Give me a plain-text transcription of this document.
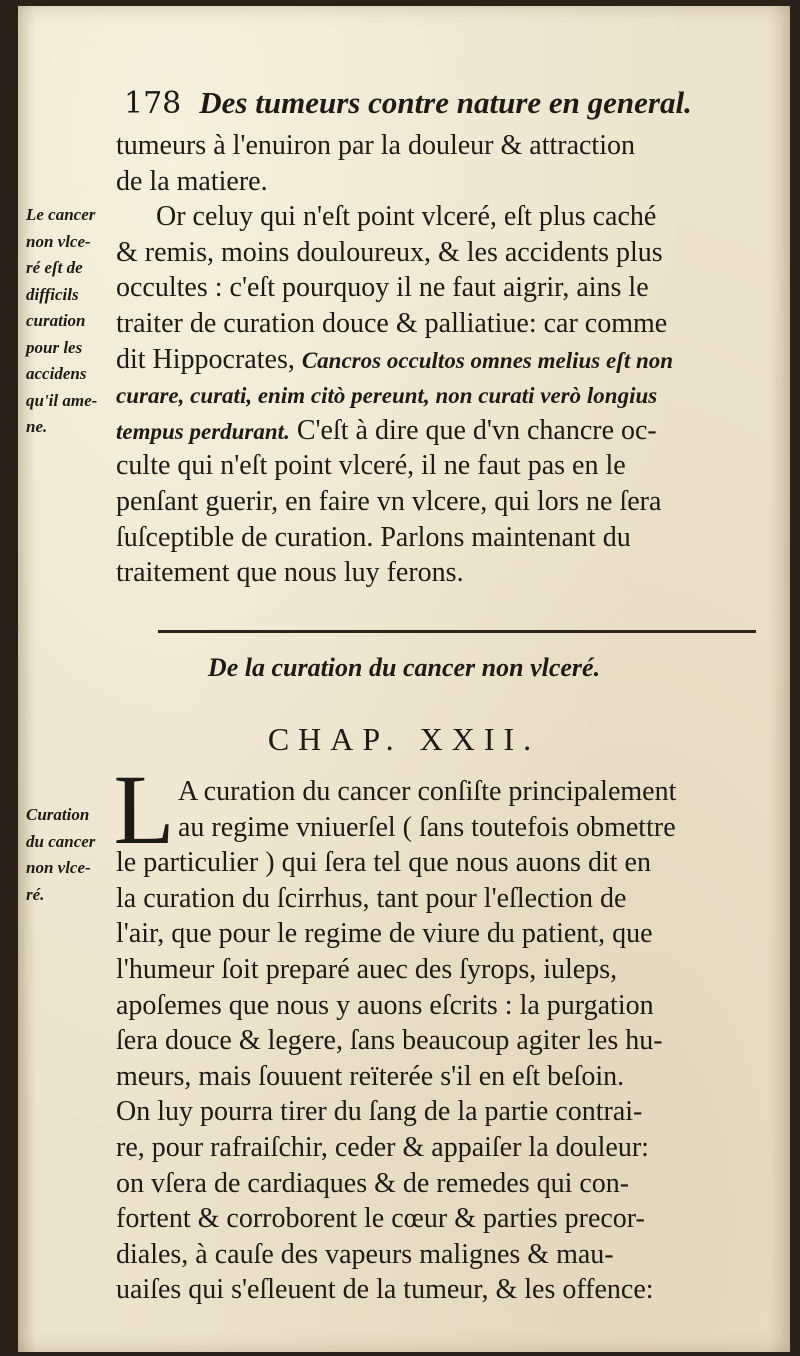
178 Des tumeurs contre nature en general.
tumeurs à l'enuiron par la douleur & attraction
de la matiere.
Or celuy qui n'eſt point vlceré, eſt plus caché
& remis, moins douloureux, & les accidents plus
occultes : c'eſt pourquoy il ne faut aigrir, ains le
traiter de curation douce & palliatiue: car comme
dit Hippocrates, Cancros occultos omnes melius eſt non
curare, curati, enim citò pereunt, non curati verò longius
tempus perdurant. C'eſt à dire que d'vn chancre oc-
culte qui n'eſt point vlceré, il ne faut pas en le
penſant guerir, en faire vn vlcere, qui lors ne ſera
ſuſceptible de curation. Parlons maintenant du
traitement que nous luy ferons.
Le cancer
non vlce-
ré eſt de
difficils
curation
pour les
accidens
qu'il ame-
ne.
De la curation du cancer non vlceré.
CHAP. XXII.
L A curation du cancer conſiſte principalement
au regime vniuerſel ( ſans toutefois obmettre
le particulier ) qui ſera tel que nous auons dit en
la curation du ſcirrhus, tant pour l'eſlection de
l'air, que pour le regime de viure du patient, que
l'humeur ſoit preparé auec des ſyrops, iuleps,
apoſemes que nous y auons eſcrits : la purgation
ſera douce & legere, ſans beaucoup agiter les hu-
meurs, mais ſouuent reïterée s'il en eſt beſoin.
On luy pourra tirer du ſang de la partie contrai-
re, pour rafraiſchir, ceder & appaiſer la douleur:
on vſera de cardiaques & de remedes qui con-
fortent & corroborent le cœur & parties precor-
diales, à cauſe des vapeurs malignes & mau-
uaiſes qui s'eſleuent de la tumeur, & les offence:
Curation
du cancer
non vlce-
ré.
